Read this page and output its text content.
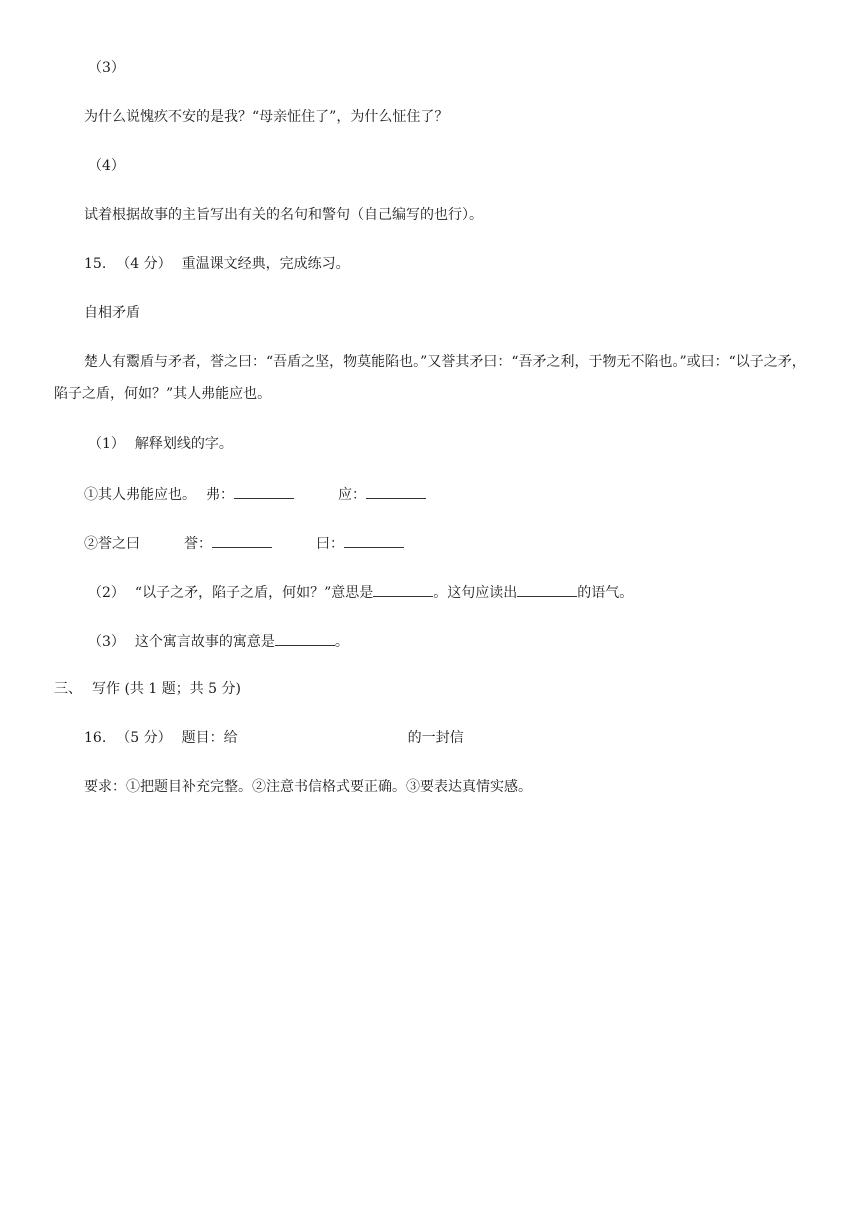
（3）
为什么说愧疚不安的是我？“母亲怔住了”，为什么怔住了？
（4）
试着根据故事的主旨写出有关的名句和警句（自己编写的也行）。
15. （4 分） 重温课文经典，完成练习。
自相矛盾
楚人有鬻盾与矛者，誉之曰：“吾盾之坚，物莫能陷也。”又誉其矛曰：“吾矛之利，于物无不陷也。”或曰：“以子之矛，陷子之盾，何如？”其人弗能应也。
（1） 解释划线的字。
①其人弗能应也。 弗：	应：
②誉之曰	誉：	曰：
（2） “以子之矛，陷子之盾，何如？”意思是	。这句应读出	的语气。
（3） 这个寓言故事的寓意是	。
三、 写作 (共 1 题；共 5 分)
16. （5 分） 题目：给	的一封信
要求：①把题目补充完整。②注意书信格式要正确。③要表达真情实感。
